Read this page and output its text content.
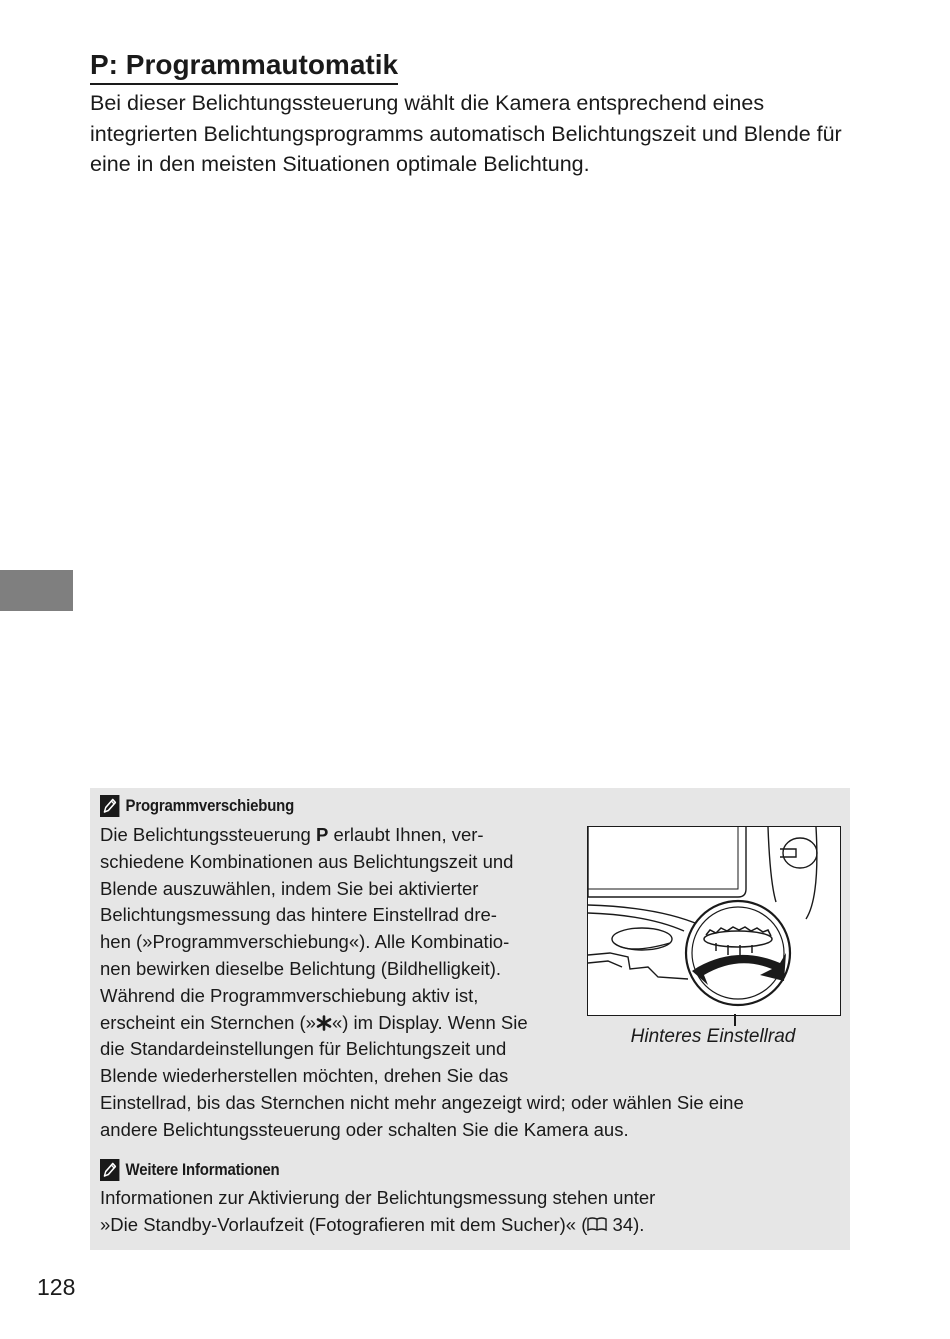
P: Programmautomatik

Bei dieser Belichtungssteuerung wählt die Kamera entsprechend eines integrierten Belichtungsprogramms automatisch Belichtungszeit und Blende für eine in den meisten Situationen optimale Belichtung.

Programmverschiebung
Die Belichtungssteuerung P erlaubt Ihnen, ver-
schiedene Kombinationen aus Belichtungszeit und
Blende auszuwählen, indem Sie bei aktivierter
Belichtungsmessung das hintere Einstellrad dre-
hen (»Programmverschiebung«). Alle Kombinatio-
nen bewirken dieselbe Belichtung (Bildhelligkeit).
Während die Programmverschiebung aktiv ist,
erscheint ein Sternchen (» «) im Display. Wenn Sie
die Standardeinstellungen für Belichtungszeit und
Blende wiederherstellen möchten, drehen Sie das
Einstellrad, bis das Sternchen nicht mehr angezeigt wird; oder wählen Sie eine
andere Belichtungssteuerung oder schalten Sie die Kamera aus.

Hinteres Einstellrad

Weitere Informationen
Informationen zur Aktivierung der Belichtungsmessung stehen unter
»Die Standby-Vorlaufzeit (Fotografieren mit dem Sucher)« ( 34).
128
